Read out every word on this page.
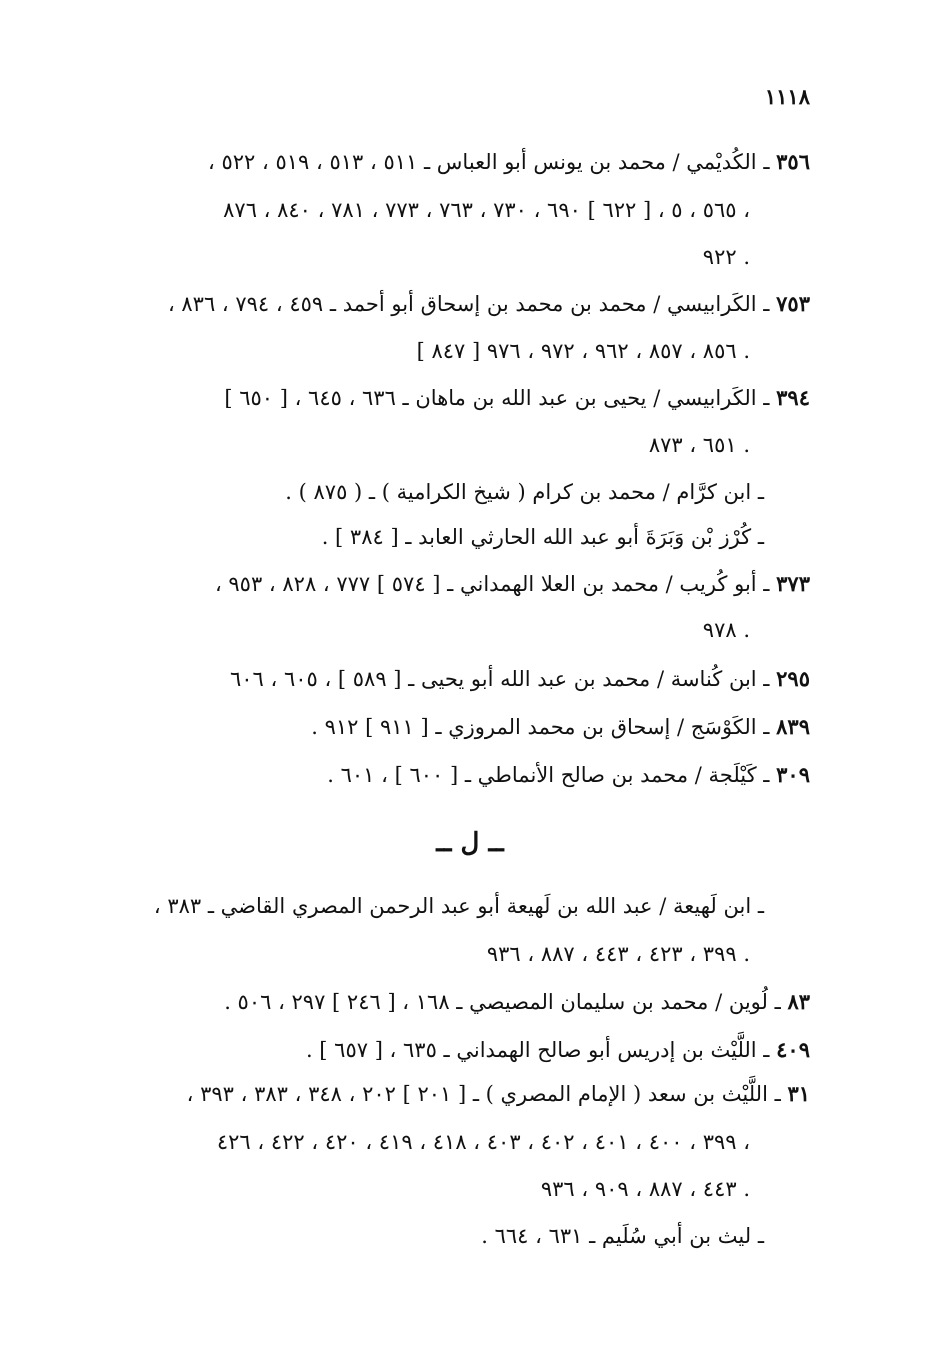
١١١٨
٣٥٦ ـ الكُديْمي / محمد بن يونس أبو العباس ـ ٥١١ ، ٥١٣ ، ٥١٩ ، ٥٢٢ ،
٥٦٥ ، ٥ ، [ ٦٢٢ ] ٦٩٠ ، ٧٣٠ ، ٧٦٣ ، ٧٧٣ ، ٧٨١ ، ٨٤٠ ، ٨٧٦ ،
٩٢٢ .
٧٥٣ ـ الكَرابيسي / محمد بن محمد بن إسحاق أبو أحمد ـ ٤٥٩ ، ٧٩٤ ، ٨٣٦ ،
[ ٨٤٧ ] ٨٥٦ ، ٨٥٧ ، ٩٦٢ ، ٩٧٢ ، ٩٧٦ .
٣٩٤ ـ الكَرابيسي / يحيى بن عبد الله بن ماهان ـ ٦٣٦ ، ٦٤٥ ، [ ٦٥٠ ]
٦٥١ ، ٨٧٣ .
ـ ابن كرَّام / محمد بن كرام ( شيخ الكرامية ) ـ ( ٨٧٥ ) .
ـ كُرْز بْن وَبَرَةَ أبو عبد الله الحارثي العابد ـ [ ٣٨٤ ] .
٣٧٣ ـ أبو كُريب / محمد بن العلا الهمداني ـ [ ٥٧٤ ] ٧٧٧ ، ٨٢٨ ، ٩٥٣ ،
٩٧٨ .
٢٩٥ ـ ابن كُناسة / محمد بن عبد الله أبو يحيى ـ [ ٥٨٩ ] ، ٦٠٥ ، ٦٠٦
٨٣٩ ـ الكَوْسَج / إسحاق بن محمد المروزي ـ [ ٩١١ ] ٩١٢ .
٣٠٩ ـ كَيْلَجة / محمد بن صالح الأنماطي ـ [ ٦٠٠ ] ، ٦٠١ .
ــ ل ــ
ـ ابن لَهيعة / عبد الله بن لَهيعة أبو عبد الرحمن المصري القاضي ـ ٣٨٣ ،
٣٩٩ ، ٤٢٣ ، ٤٤٣ ، ٨٨٧ ، ٩٣٦ .
٨٣ ـ لُوين / محمد بن سليمان المصيصي ـ ١٦٨ ، [ ٢٤٦ ] ٢٩٧ ، ٥٠٦ .
٤٠٩ ـ اللَّيْث بن إدريس أبو صالح الهمداني ـ ٦٣٥ ، [ ٦٥٧ ] .
٣١ ـ اللَّيْث بن سعد ( الإمام المصري ) ـ [ ٢٠١ ] ٢٠٢ ، ٣٤٨ ، ٣٨٣ ، ٣٩٣ ،
٣٩٩ ، ٤٠٠ ، ٤٠١ ، ٤٠٢ ، ٤٠٣ ، ٤١٨ ، ٤١٩ ، ٤٢٠ ، ٤٢٢ ، ٤٢٦ ،
٤٤٣ ، ٨٨٧ ، ٩٠٩ ، ٩٣٦ .
ـ ليث بن أبي سُلَيم ـ ٦٣١ ، ٦٦٤ .
